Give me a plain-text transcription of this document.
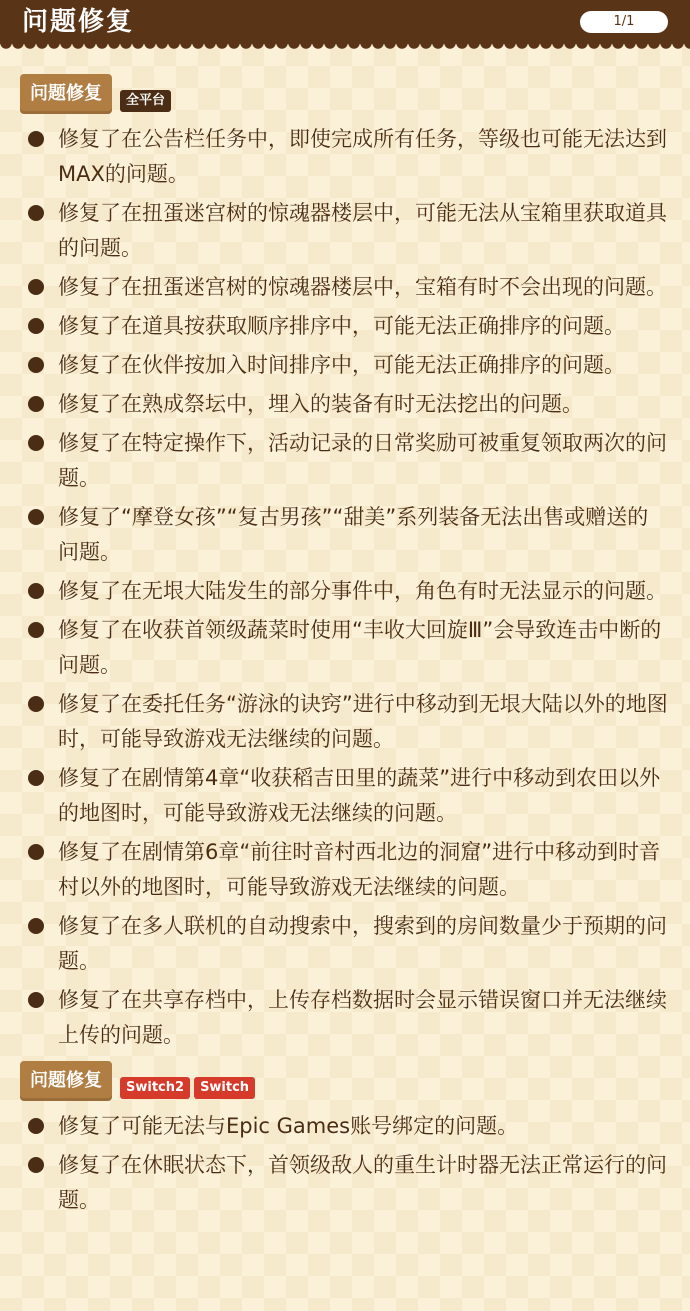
问题修复	1/1
问题修复	全平台
修复了在公告栏任务中，即使完成所有任务，等级也可能无法达到MAX的问题。
修复了在扭蛋迷宫树的惊魂器楼层中，可能无法从宝箱里获取道具的问题。
修复了在扭蛋迷宫树的惊魂器楼层中，宝箱有时不会出现的问题。
修复了在道具按获取顺序排序中，可能无法正确排序的问题。
修复了在伙伴按加入时间排序中，可能无法正确排序的问题。
修复了在熟成祭坛中，埋入的装备有时无法挖出的问题。
修复了在特定操作下，活动记录的日常奖励可被重复领取两次的问题。
修复了“摩登女孩”“复古男孩”“甜美”系列装备无法出售或赠送的问题。
修复了在无垠大陆发生的部分事件中，角色有时无法显示的问题。
修复了在收获首领级蔬菜时使用“丰收大回旋Ⅲ”会导致连击中断的问题。
修复了在委托任务“游泳的诀窍”进行中移动到无垠大陆以外的地图时，可能导致游戏无法继续的问题。
修复了在剧情第4章“收获稻吉田里的蔬菜”进行中移动到农田以外的地图时，可能导致游戏无法继续的问题。
修复了在剧情第6章“前往时音村西北边的洞窟”进行中移动到时音村以外的地图时，可能导致游戏无法继续的问题。
修复了在多人联机的自动搜索中，搜索到的房间数量少于预期的问题。
修复了在共享存档中，上传存档数据时会显示错误窗口并无法继续上传的问题。
问题修复	Switch2	Switch
修复了可能无法与Epic Games账号绑定的问题。
修复了在休眠状态下，首领级敌人的重生计时器无法正常运行的问题。
